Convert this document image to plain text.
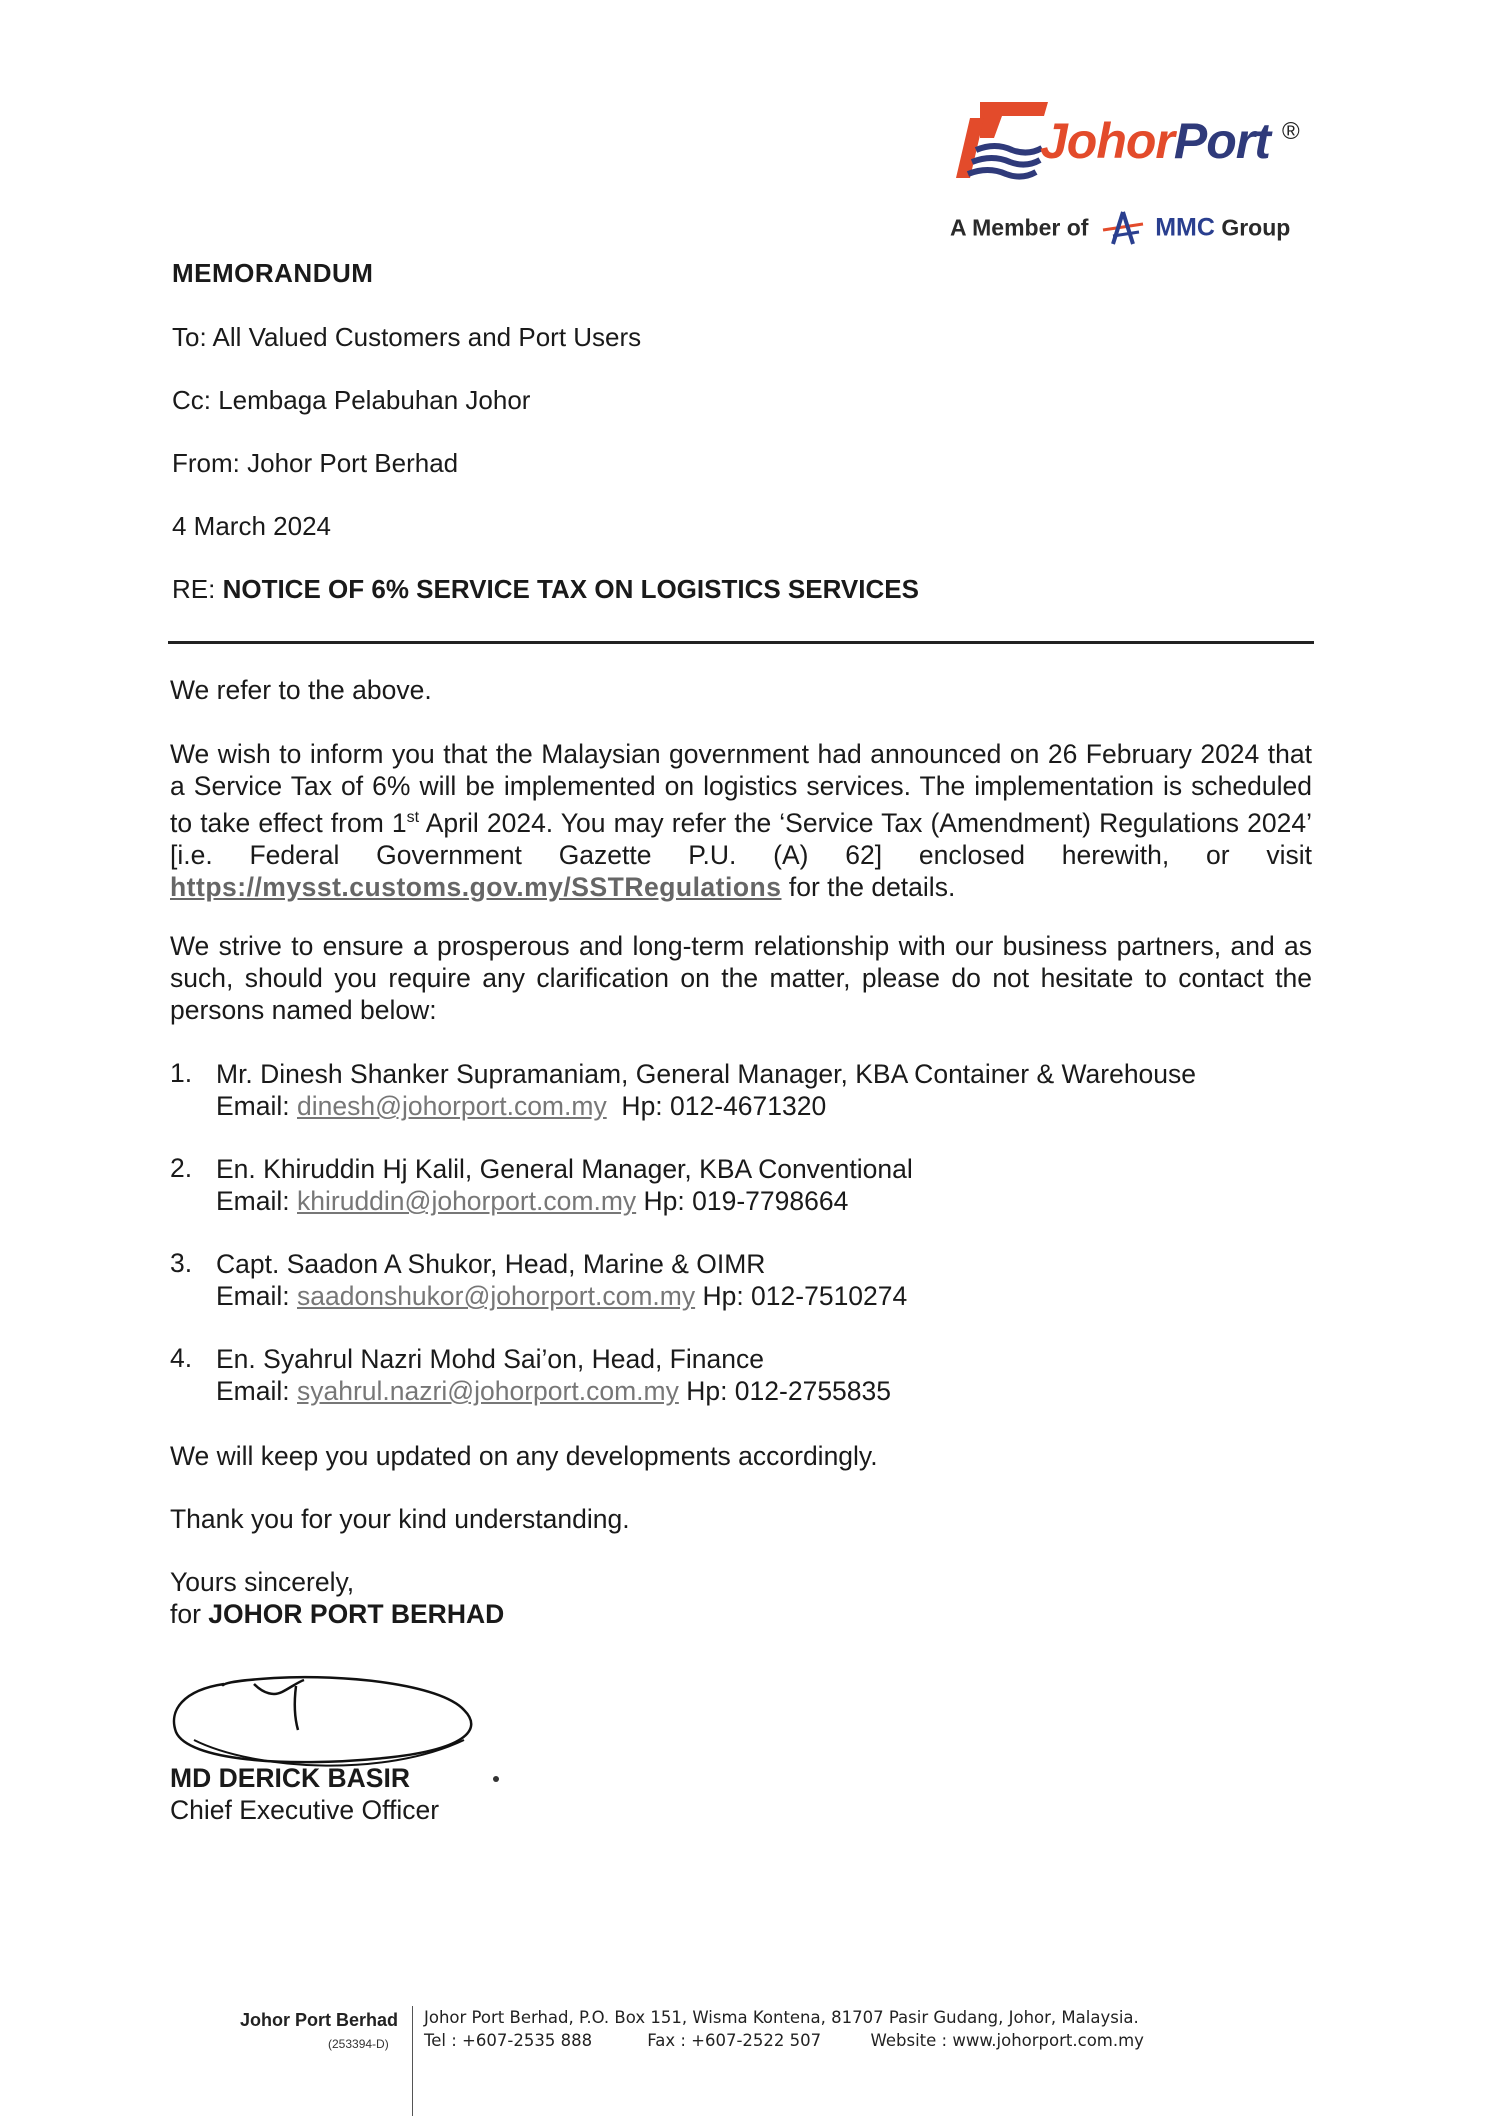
JohorPort ®
A Member of	MMC Group
MEMORANDUM
To: All Valued Customers and Port Users
Cc: Lembaga Pelabuhan Johor
From: Johor Port Berhad
4 March 2024
RE: NOTICE OF 6% SERVICE TAX ON LOGISTICS SERVICES
We refer to the above.
We wish to inform you that the Malaysian government had announced on 26 February 2024 that a Service Tax of 6% will be implemented on logistics services. The implementation is scheduled to take effect from 1st April 2024. You may refer the ‘Service Tax (Amendment) Regulations 2024’ [i.e. Federal Government Gazette P.U. (A) 62] enclosed herewith, or visit https://mysst.customs.gov.my/SSTRegulations for the details.
We strive to ensure a prosperous and long-term relationship with our business partners, and as such, should you require any clarification on the matter, please do not hesitate to contact the persons named below:
1. Mr. Dinesh Shanker Supramaniam, General Manager, KBA Container & Warehouse
Email: dinesh@johorport.com.my  Hp: 012-4671320
2. En. Khiruddin Hj Kalil, General Manager, KBA Conventional
Email: khiruddin@johorport.com.my Hp: 019-7798664
3. Capt. Saadon A Shukor, Head, Marine & OIMR
Email: saadonshukor@johorport.com.my Hp: 012-7510274
4. En. Syahrul Nazri Mohd Sai’on, Head, Finance
Email: syahrul.nazri@johorport.com.my Hp: 012-2755835
We will keep you updated on any developments accordingly.
Thank you for your kind understanding.
Yours sincerely,
for JOHOR PORT BERHAD
MD DERICK BASIR
Chief Executive Officer
Johor Port Berhad
(253394-D)
Johor Port Berhad, P.O. Box 151, Wisma Kontena, 81707 Pasir Gudang, Johor, Malaysia.
Tel : +607-2535 888	Fax : +607-2522 507	Website : www.johorport.com.my
